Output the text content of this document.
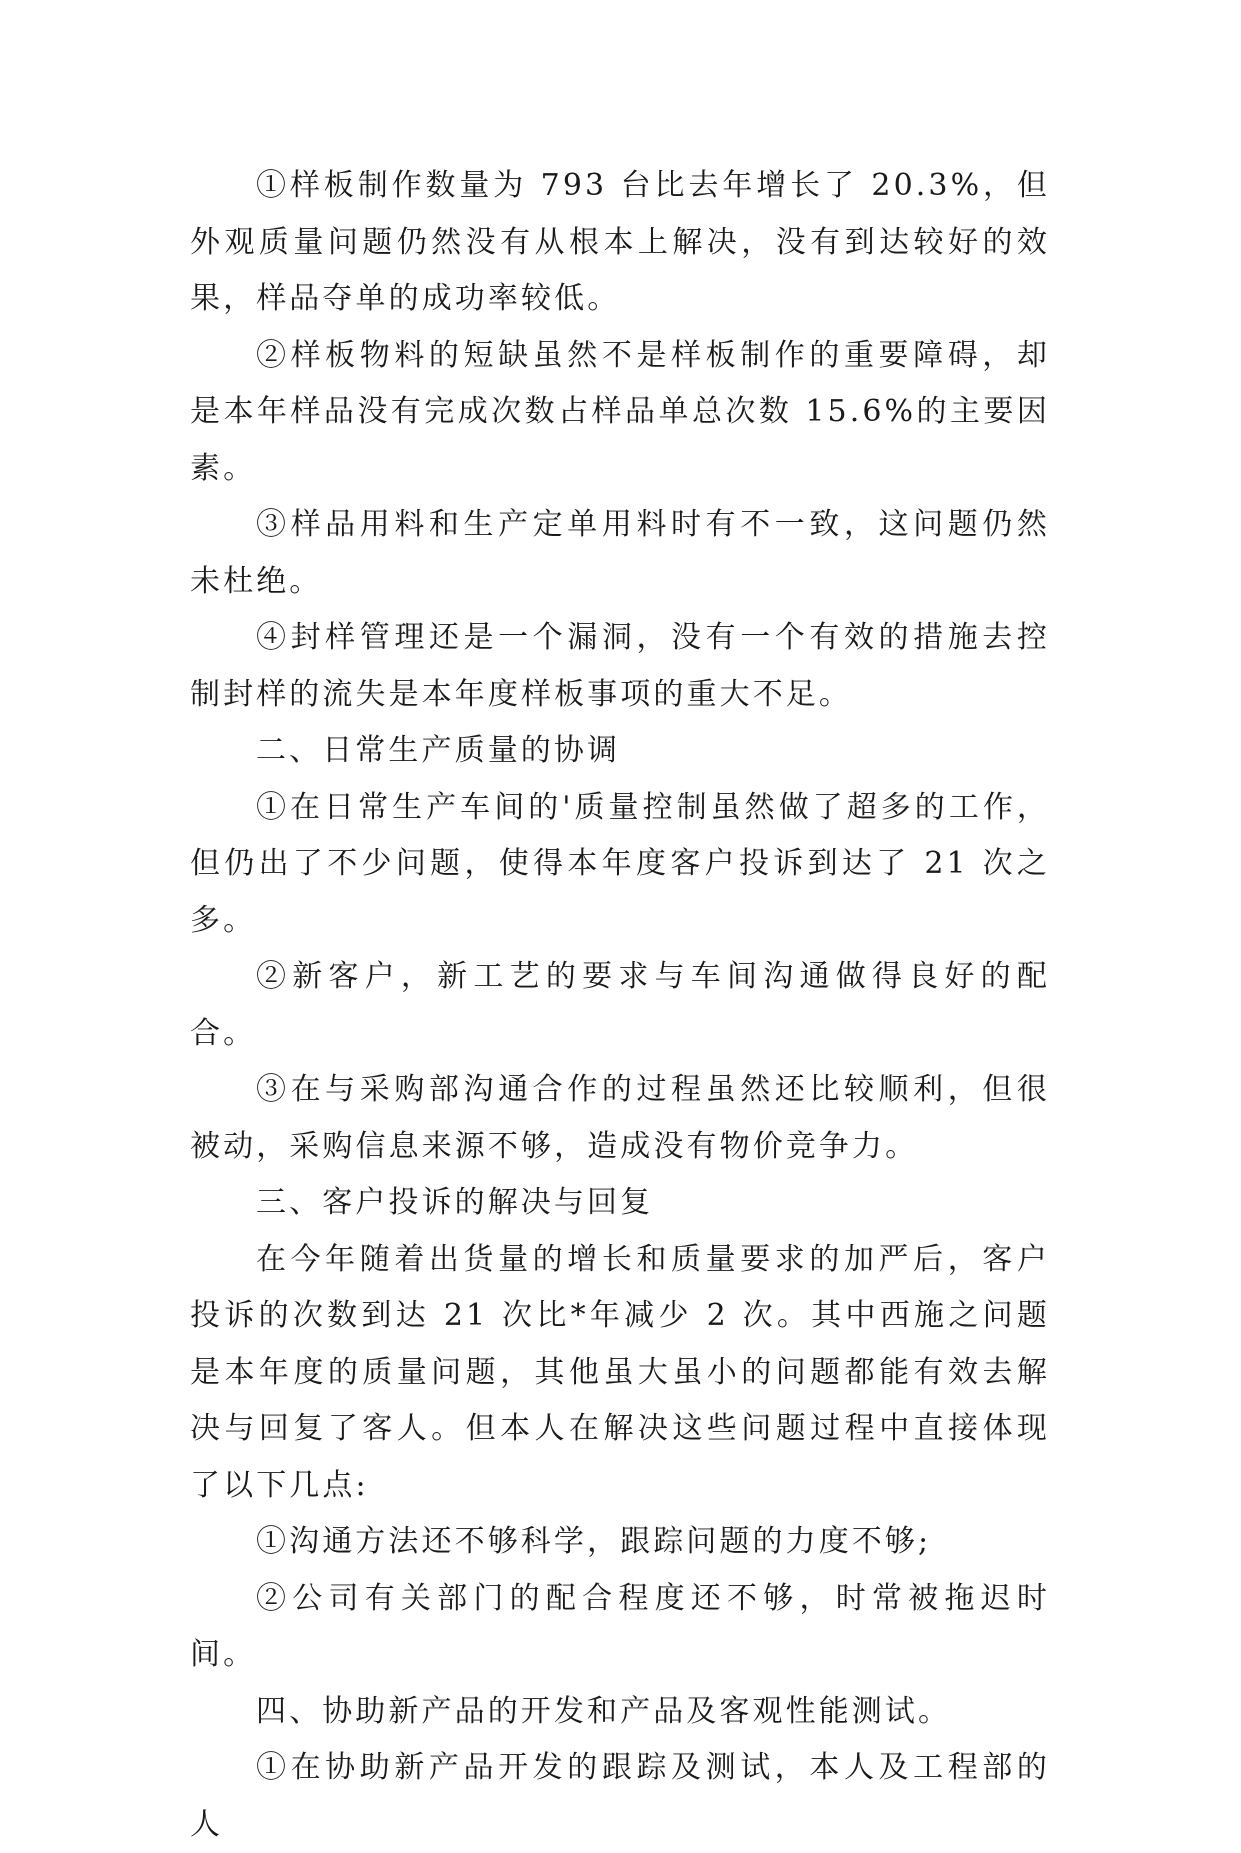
①样板制作数量为 793 台比去年增长了 20.3%，但外观质量问题仍然没有从根本上解决，没有到达较好的效果，样品夺单的成功率较低。

②样板物料的短缺虽然不是样板制作的重要障碍，却是本年样品没有完成次数占样品单总次数 15.6%的主要因素。

③样品用料和生产定单用料时有不一致，这问题仍然未杜绝。

④封样管理还是一个漏洞，没有一个有效的措施去控制封样的流失是本年度样板事项的重大不足。

二、日常生产质量的协调

①在日常生产车间的'质量控制虽然做了超多的工作，但仍出了不少问题，使得本年度客户投诉到达了 21 次之多。

②新客户，新工艺的要求与车间沟通做得良好的配合。

③在与采购部沟通合作的过程虽然还比较顺利，但很被动，采购信息来源不够，造成没有物价竞争力。

三、客户投诉的解决与回复

在今年随着出货量的增长和质量要求的加严后，客户投诉的次数到达 21 次比*年减少 2 次。其中西施之问题是本年度的质量问题，其他虽大虽小的问题都能有效去解决与回复了客人。但本人在解决这些问题过程中直接体现了以下几点:

①沟通方法还不够科学，跟踪问题的力度不够;

②公司有关部门的配合程度还不够，时常被拖迟时间。

四、协助新产品的开发和产品及客观性能测试。

①在协助新产品开发的跟踪及测试，本人及工程部的人
